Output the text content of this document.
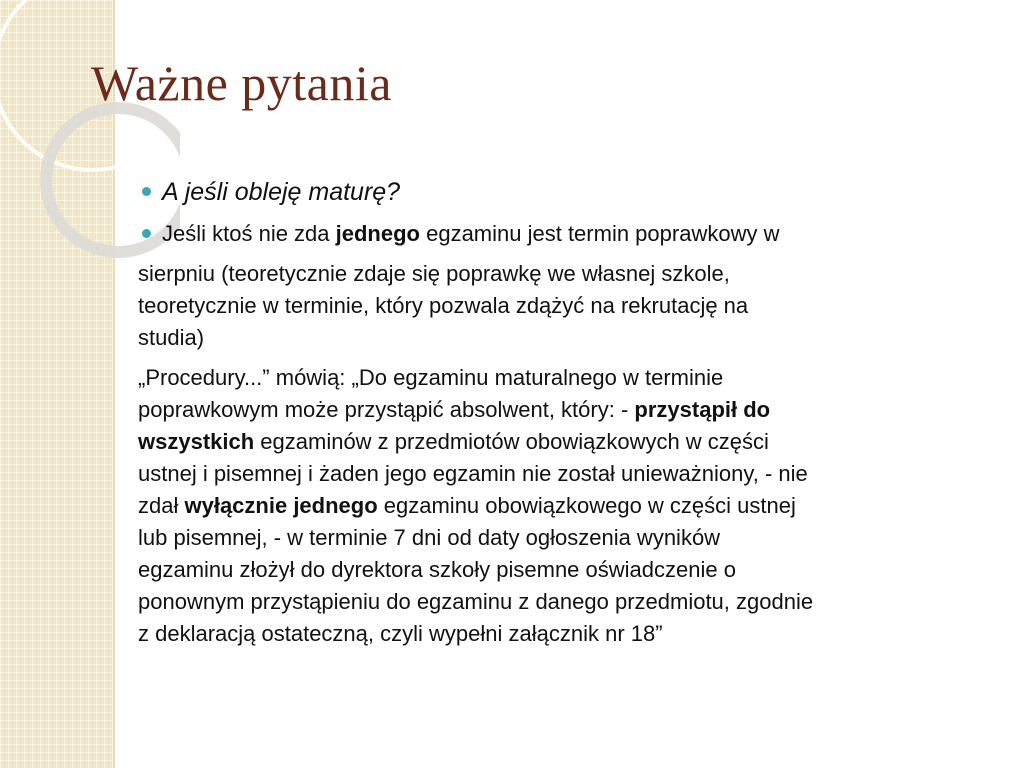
Ważne pytania
A jeśli obleję maturę?
Jeśli ktoś nie zda jednego egzaminu jest termin poprawkowy w
sierpniu (teoretycznie zdaje się poprawkę we własnej szkole,
teoretycznie w terminie, który pozwala zdążyć na rekrutację na
studia)
„Procedury...” mówią: „Do egzaminu maturalnego w terminie
poprawkowym może przystąpić absolwent, który: - przystąpił do
wszystkich egzaminów z przedmiotów obowiązkowych w części
ustnej i pisemnej i żaden jego egzamin nie został unieważniony, - nie
zdał wyłącznie jednego egzaminu obowiązkowego w części ustnej
lub pisemnej, - w terminie 7 dni od daty ogłoszenia wyników
egzaminu złożył do dyrektora szkoły pisemne oświadczenie o
ponownym przystąpieniu do egzaminu z danego przedmiotu, zgodnie
z deklaracją ostateczną, czyli wypełni załącznik nr 18”
